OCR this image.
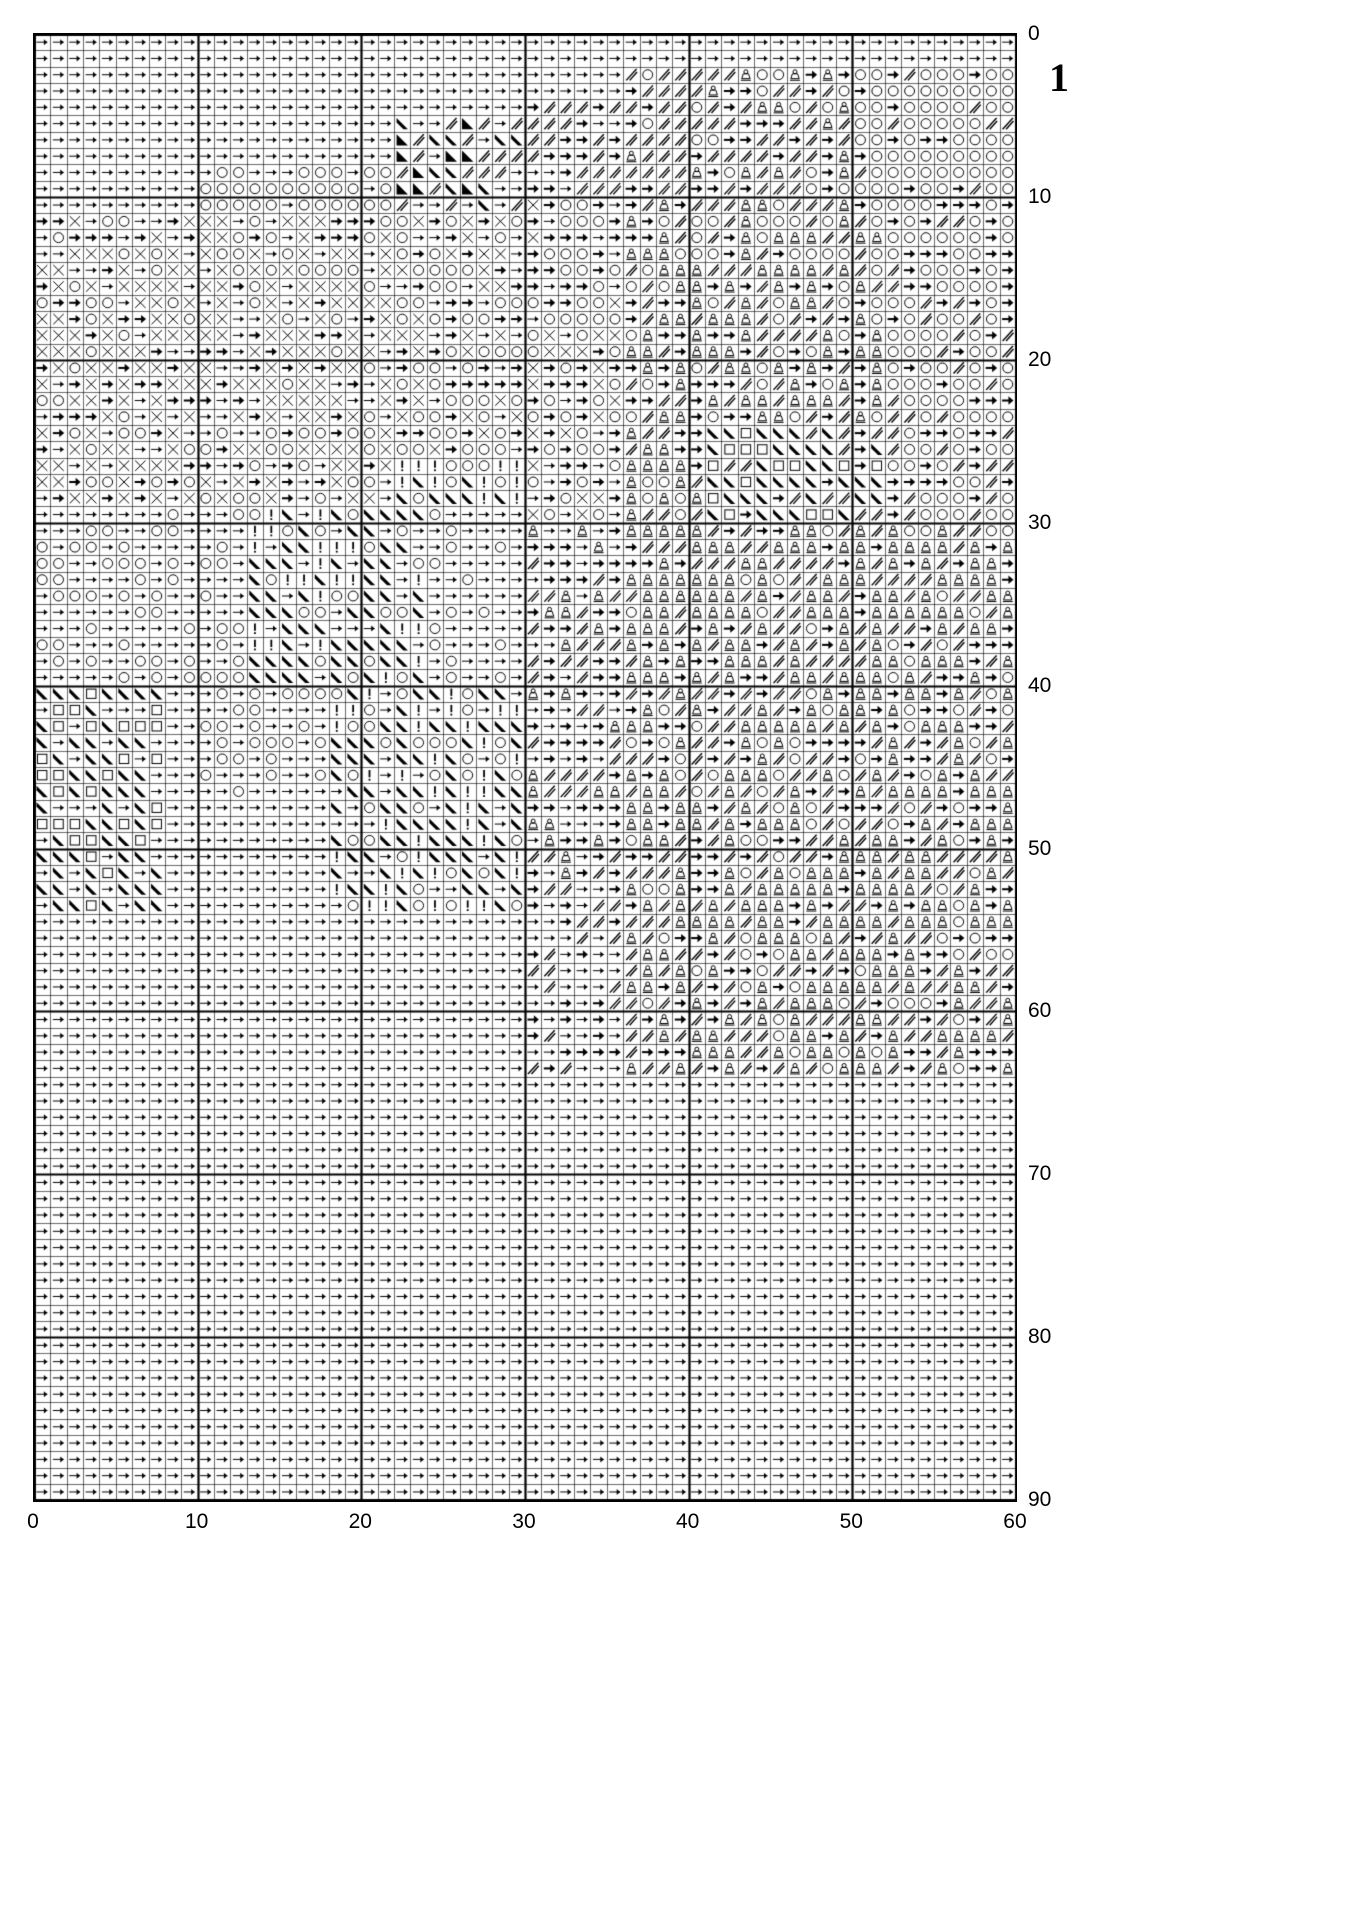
1
0
10
20
30
40
50
60
70
80
90
0	10	20	30	40	50	60
